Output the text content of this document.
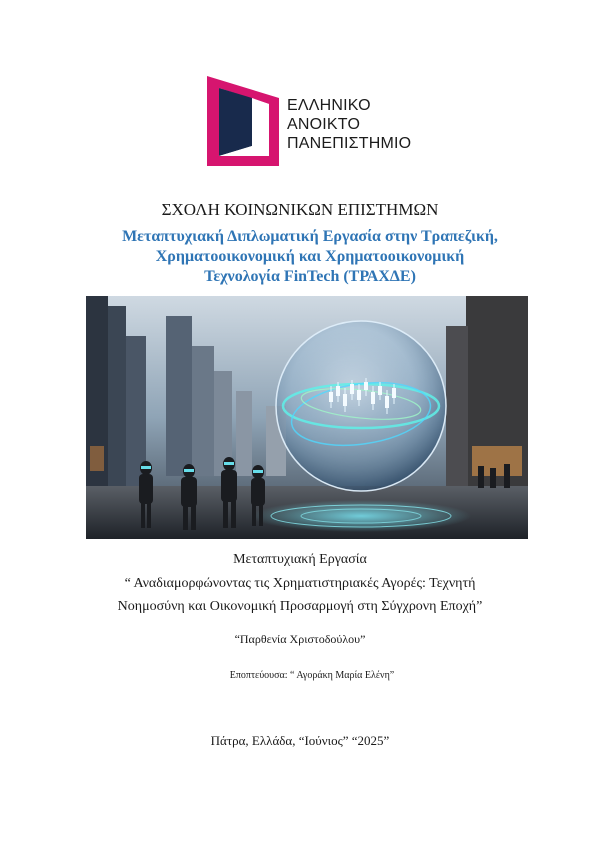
ΕΛΛΗΝΙΚΟ
ΑΝΟΙΚΤΟ
ΠΑΝΕΠΙΣΤΗΜΙΟ
ΣΧΟΛΗ ΚΟΙΝΩΝΙΚΩΝ ΕΠΙΣΤΗΜΩΝ
Μεταπτυχιακή Διπλωματική Εργασία στην Τραπεζική,
Χρηματοοικονομική και Χρηματοοικονομική
Τεχνολογία FinTech (ΤΡΑΧΔΕ)
Μεταπτυχιακή Εργασία
“ Αναδιαμορφώνοντας τις Χρηματιστηριακές Αγορές: Τεχνητή
Νοημοσύνη και Οικονομική Προσαρμογή στη Σύγχρονη Εποχή”
“Παρθενία Χριστοδούλου”
Εποπτεύουσα: “ Αγοράκη Μαρία Ελένη”
Πάτρα, Ελλάδα, “Ιούνιος” “2025”
